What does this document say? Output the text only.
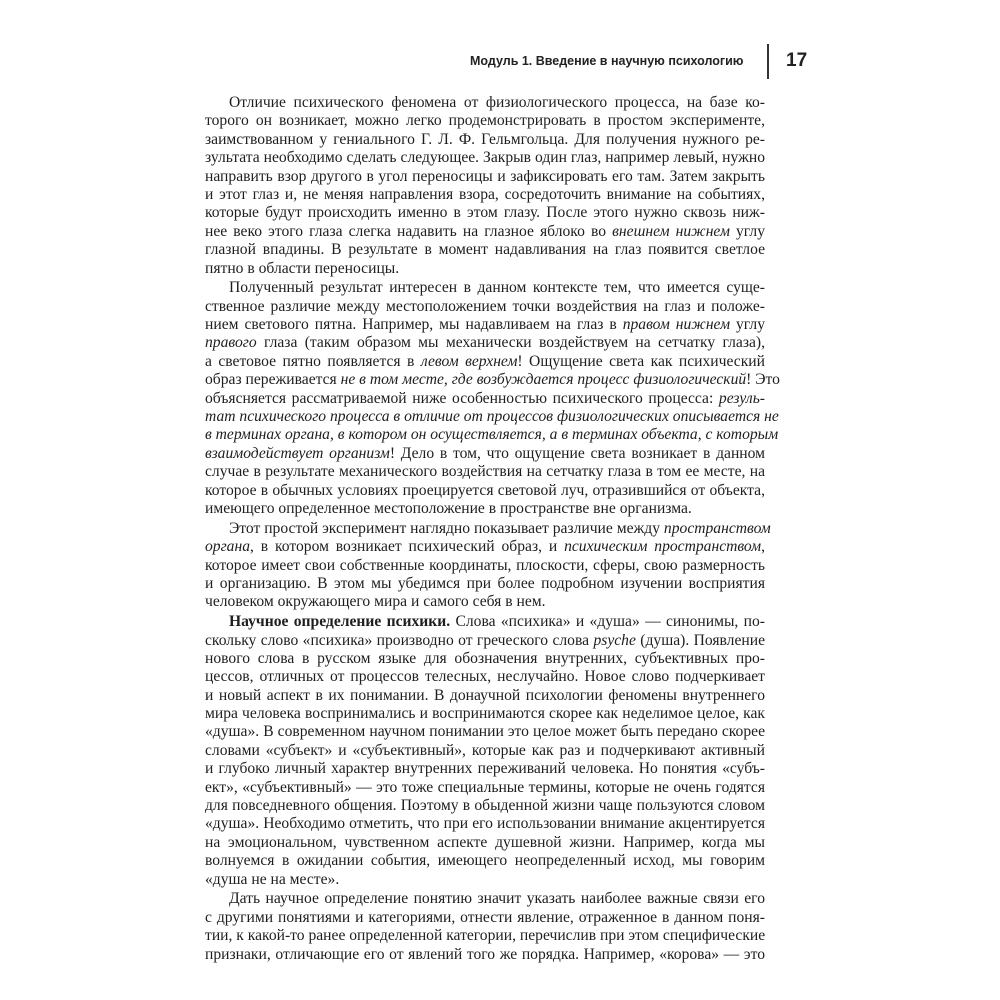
Модуль 1. Введение в научную психологию 17

Отличие психического феномена от физиологического процесса, на базе ко-
торого он возникает, можно легко продемонстрировать в простом эксперименте,
заимствованном у гениального Г. Л. Ф. Гельмгольца. Для получения нужного ре-
зультата необходимо сделать следующее. Закрыв один глаз, например левый, нужно
направить взор другого в угол переносицы и зафиксировать его там. Затем закрыть
и этот глаз и, не меняя направления взора, сосредоточить внимание на событиях,
которые будут происходить именно в этом глазу. После этого нужно сквозь ниж-
нее веко этого глаза слегка надавить на глазное яблоко во внешнем нижнем углу
глазной впадины. В результате в момент надавливания на глаз появится светлое
пятно в области переносицы.

Полученный результат интересен в данном контексте тем, что имеется суще-
ственное различие между местоположением точки воздействия на глаз и положе-
нием светового пятна. Например, мы надавливаем на глаз в правом нижнем углу
правого глаза (таким образом мы механически воздействуем на сетчатку глаза),
а световое пятно появляется в левом верхнем! Ощущение света как психический
образ переживается не в том месте, где возбуждается процесс физиологический! Это
объясняется рассматриваемой ниже особенностью психического процесса: резуль-
тат психического процесса в отличие от процессов физиологических описывается не
в терминах органа, в котором он осуществляется, а в терминах объекта, с которым
взаимодействует организм! Дело в том, что ощущение света возникает в данном
случае в результате механического воздействия на сетчатку глаза в том ее месте, на
которое в обычных условиях проецируется световой луч, отразившийся от объекта,
имеющего определенное местоположение в пространстве вне организма.

Этот простой эксперимент наглядно показывает различие между пространством
органа, в котором возникает психический образ, и психическим пространством,
которое имеет свои собственные координаты, плоскости, сферы, свою размерность
и организацию. В этом мы убедимся при более подробном изучении восприятия
человеком окружающего мира и самого себя в нем.

Научное определение психики. Слова «психика» и «душа» — синонимы, по-
скольку слово «психика» производно от греческого слова psyche (душа). Появление
нового слова в русском языке для обозначения внутренних, субъективных про-
цессов, отличных от процессов телесных, неслучайно. Новое слово подчеркивает
и новый аспект в их понимании. В донаучной психологии феномены внутреннего
мира человека воспринимались и воспринимаются скорее как неделимое целое, как
«душа». В современном научном понимании это целое может быть передано скорее
словами «субъект» и «субъективный», которые как раз и подчеркивают активный
и глубоко личный характер внутренних переживаний человека. Но понятия «субъ-
ект», «субъективный» — это тоже специальные термины, которые не очень годятся
для повседневного общения. Поэтому в обыденной жизни чаще пользуются словом
«душа». Необходимо отметить, что при его использовании внимание акцентируется
на эмоциональном, чувственном аспекте душевной жизни. Например, когда мы
волнуемся в ожидании события, имеющего неопределенный исход, мы говорим
«душа не на месте».

Дать научное определение понятию значит указать наиболее важные связи его
с другими понятиями и категориями, отнести явление, отраженное в данном поня-
тии, к какой-то ранее определенной категории, перечислив при этом специфические
признаки, отличающие его от явлений того же порядка. Например, «корова» — это
